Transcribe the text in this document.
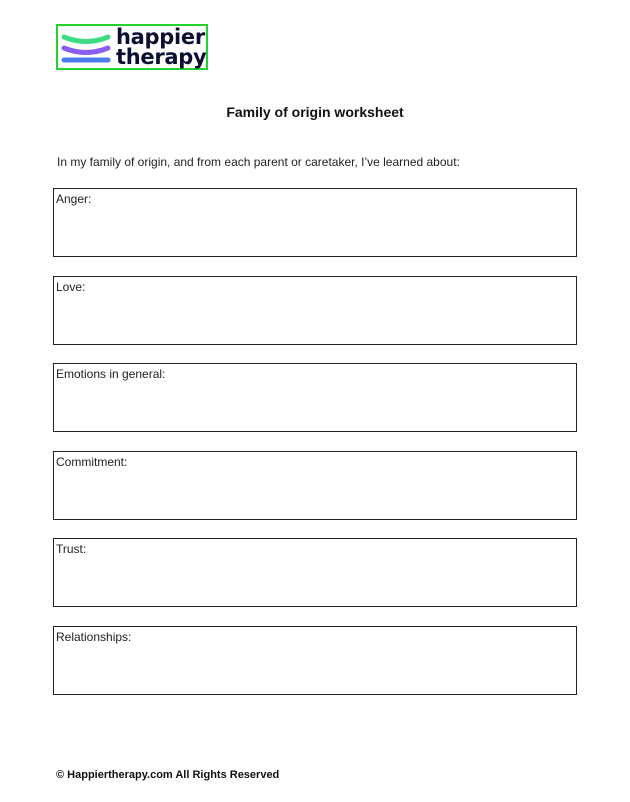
happier
therapy
Family of origin worksheet
In my family of origin, and from each parent or caretaker, I’ve learned about:
Anger:
Love:
Emotions in general:
Commitment:
Trust:
Relationships:
© Happiertherapy.com All Rights Reserved
